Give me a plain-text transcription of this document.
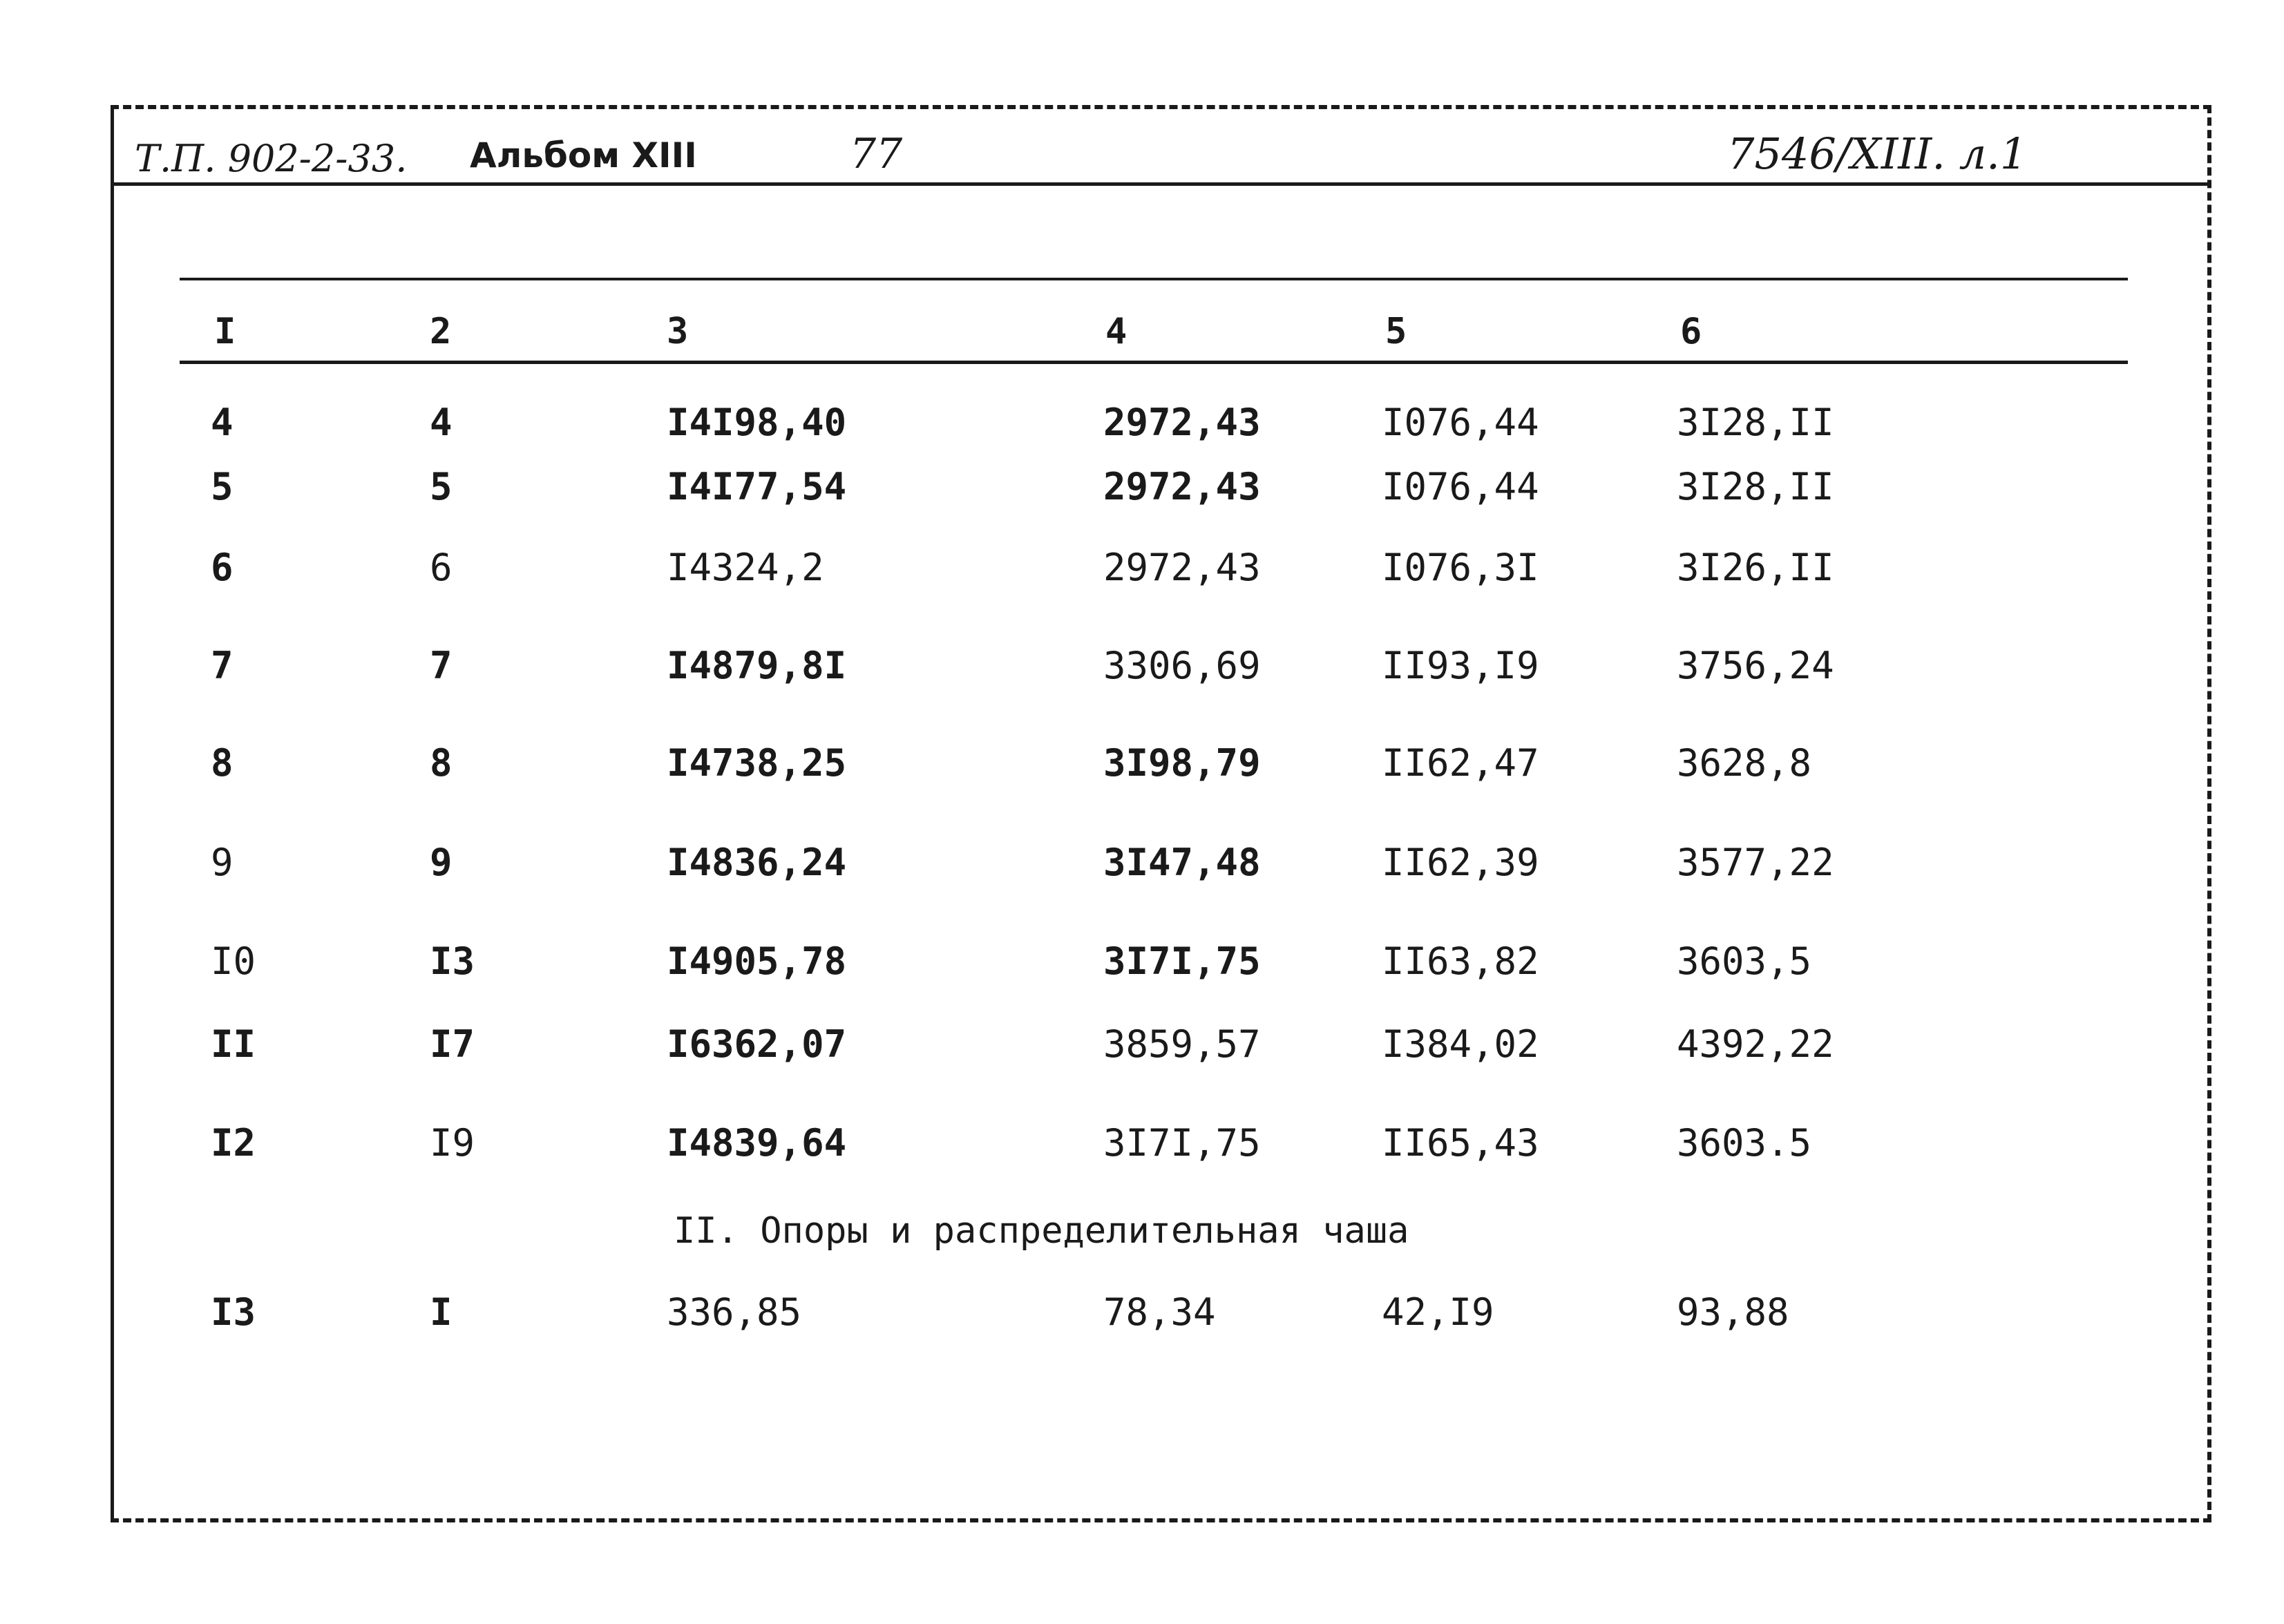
Т.П. 902-2-33. Альбом XIII	77	7546/XIII. л.1
I	2	3	4	5	6
4	4	I4I98,40	2972,43	I076,44	3I28,II
5	5	I4I77,54	2972,43	I076,44	3I28,II
6	6	I4324,2	2972,43	I076,3I	3I26,II
7	7	I4879,8I	3306,69	II93,I9	3756,24
8	8	I4738,25	3I98,79	II62,47	3628,8
9	9	I4836,24	3I47,48	II62,39	3577,22
I0	I3	I4905,78	3I7I,75	II63,82	3603,5
II	I7	I6362,07	3859,57	I384,02	4392,22
I2	I9	I4839,64	3I7I,75	II65,43	3603.5
II. Опоры и распределительная чаша
I3	I	336,85	78,34	42,I9	93,88
